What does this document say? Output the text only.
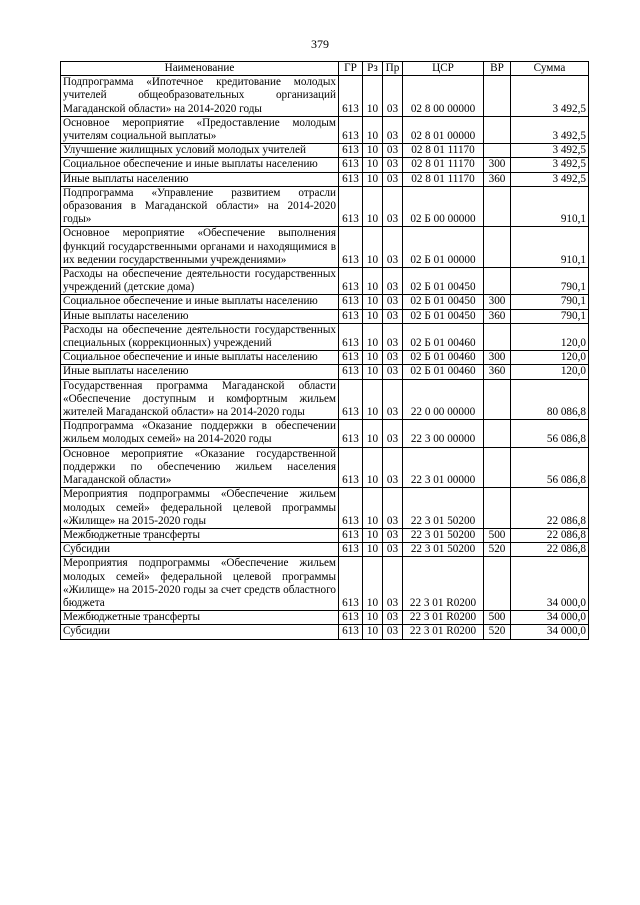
379
Наименование	ГР	Рз	Пр	ЦСР	ВР	Сумма
Подпрограмма «Ипотечное кредитование молодых учителей общеобразовательных организаций Магаданской области» на 2014-2020 годы	613	10	03	02 8 00 00000		3 492,5
Основное мероприятие «Предоставление молодым учителям социальной выплаты»	613	10	03	02 8 01 00000		3 492,5
Улучшение жилищных условий молодых учителей	613	10	03	02 8 01 11170		3 492,5
Социальное обеспечение и иные выплаты населению	613	10	03	02 8 01 11170	300	3 492,5
Иные выплаты населению	613	10	03	02 8 01 11170	360	3 492,5
Подпрограмма «Управление развитием отрасли образования в Магаданской области» на 2014-2020 годы»	613	10	03	02 Б 00 00000		910,1
Основное мероприятие «Обеспечение выполнения функций государственными органами и находящимися в их ведении государственными учреждениями»	613	10	03	02 Б 01 00000		910,1
Расходы на обеспечение деятельности государственных учреждений (детские дома)	613	10	03	02 Б 01 00450		790,1
Социальное обеспечение и иные выплаты населению	613	10	03	02 Б 01 00450	300	790,1
Иные выплаты населению	613	10	03	02 Б 01 00450	360	790,1
Расходы на обеспечение деятельности государственных специальных (коррекционных) учреждений	613	10	03	02 Б 01 00460		120,0
Социальное обеспечение и иные выплаты населению	613	10	03	02 Б 01 00460	300	120,0
Иные выплаты населению	613	10	03	02 Б 01 00460	360	120,0
Государственная программа Магаданской области «Обеспечение доступным и комфортным жильем жителей Магаданской области» на 2014-2020 годы	613	10	03	22 0 00 00000		80 086,8
Подпрограмма «Оказание поддержки в обеспечении жильем молодых семей» на 2014-2020 годы	613	10	03	22 3 00 00000		56 086,8
Основное мероприятие «Оказание государственной поддержки по обеспечению жильем населения Магаданской области»	613	10	03	22 3 01 00000		56 086,8
Мероприятия подпрограммы «Обеспечение жильем молодых семей» федеральной целевой программы «Жилище» на 2015-2020 годы	613	10	03	22 3 01 50200		22 086,8
Межбюджетные трансферты	613	10	03	22 3 01 50200	500	22 086,8
Субсидии	613	10	03	22 3 01 50200	520	22 086,8
Мероприятия подпрограммы «Обеспечение жильем молодых семей» федеральной целевой программы «Жилище» на 2015-2020 годы за счет средств областного бюджета	613	10	03	22 3 01 R0200		34 000,0
Межбюджетные трансферты	613	10	03	22 3 01 R0200	500	34 000,0
Субсидии	613	10	03	22 3 01 R0200	520	34 000,0
